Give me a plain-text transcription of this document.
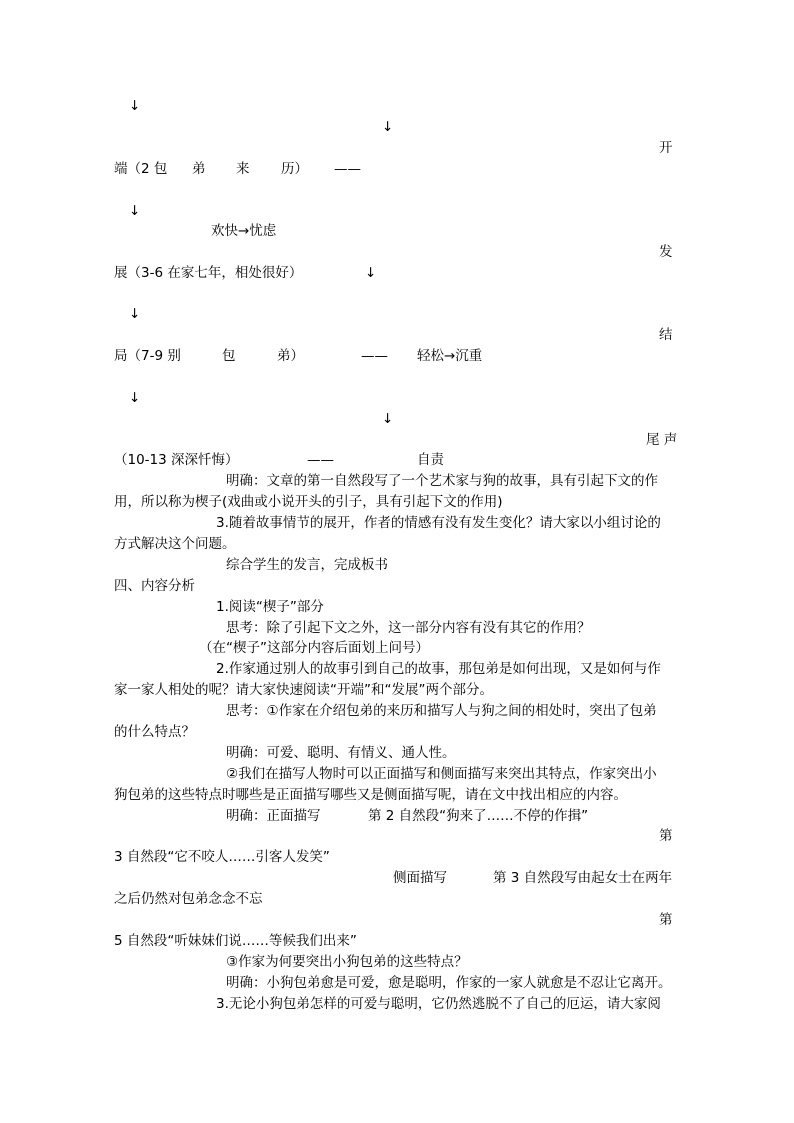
↓
↓
开
端（2 包 弟 来 历） ——
↓
欢快→忧虑
发
展（3-6 在家七年，相处很好）	↓
↓
结
局（7-9 别	包	弟）	—— 轻松→沉重
↓
↓
尾 声
（10-13 深深忏悔）	——	自责
明确：文章的第一自然段写了一个艺术家与狗的故事，具有引起下文的作
用，所以称为楔子(戏曲或小说开头的引子，具有引起下文的作用)
3.随着故事情节的展开，作者的情感有没有发生变化？请大家以小组讨论的
方式解决这个问题。
综合学生的发言，完成板书
四、内容分析
1.阅读“楔子”部分
思考：除了引起下文之外，这一部分内容有没有其它的作用？
（在“楔子”这部分内容后面划上问号）
2.作家通过别人的故事引到自己的故事，那包弟是如何出现，又是如何与作
家一家人相处的呢？请大家快速阅读“开端”和“发展”两个部分。
思考：①作家在介绍包弟的来历和描写人与狗之间的相处时，突出了包弟
的什么特点？
明确：可爱、聪明、有情义、通人性。
②我们在描写人物时可以正面描写和侧面描写来突出其特点，作家突出小
狗包弟的这些特点时哪些是正面描写哪些又是侧面描写呢，请在文中找出相应的内容。
明确：正面描写	第 2 自然段“狗来了……不停的作揖”
第
3 自然段“它不咬人……引客人发笑”
侧面描写	第 3 自然段写由起女士在两年
之后仍然对包弟念念不忘
第
5 自然段“听妹妹们说……等候我们出来”
③作家为何要突出小狗包弟的这些特点？
明确：小狗包弟愈是可爱，愈是聪明，作家的一家人就愈是不忍让它离开。
3.无论小狗包弟怎样的可爱与聪明，它仍然逃脱不了自己的厄运，请大家阅
